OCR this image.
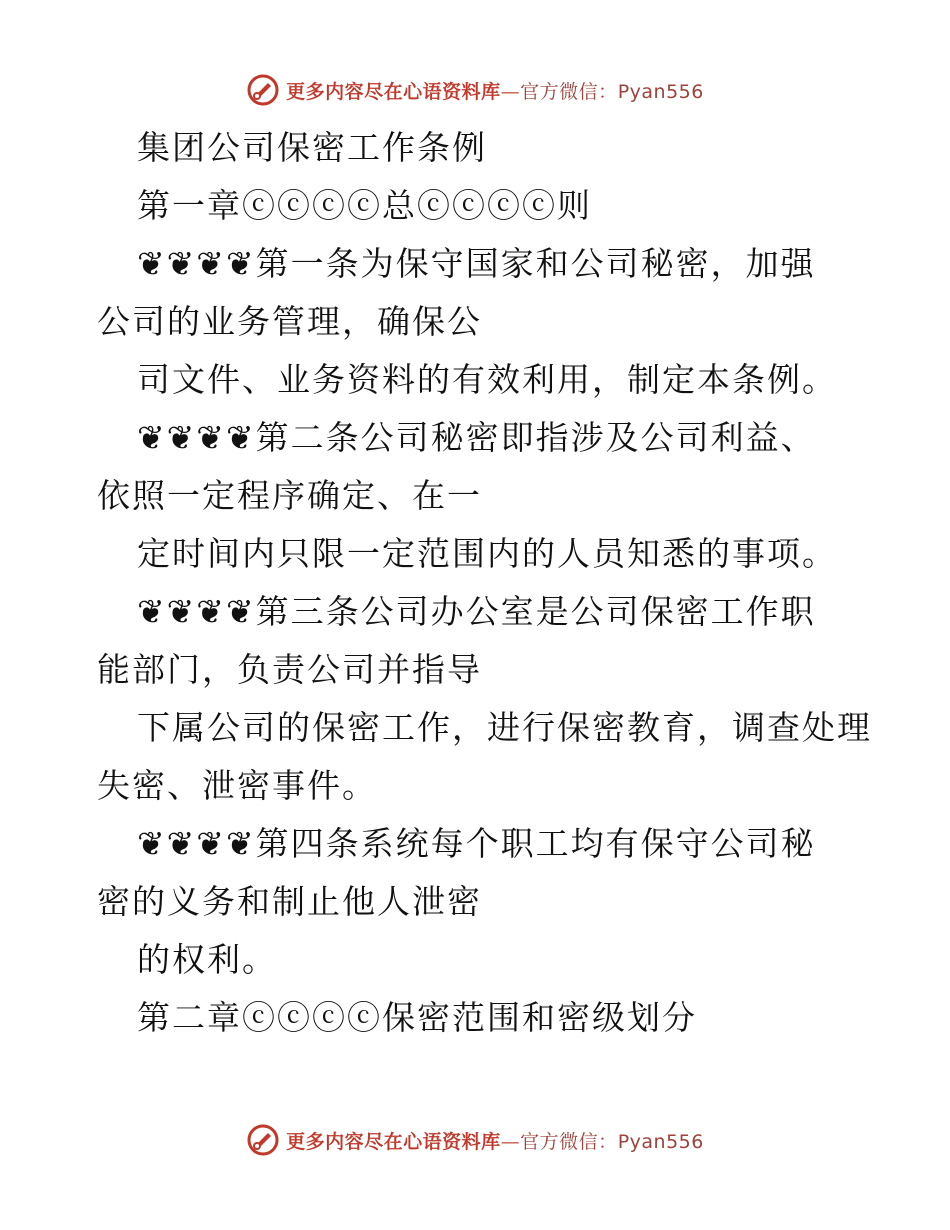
更多内容尽在心语资料库—官方微信：Pyan556
集团公司保密工作条例
第一章ⓒⓒⓒⓒ总ⓒⓒⓒⓒ则
❦❦❦❦第一条为保守国家和公司秘密，加强
公司的业务管理，确保公
司文件、业务资料的有效利用，制定本条例。
❦❦❦❦第二条公司秘密即指涉及公司利益、
依照一定程序确定、在一
定时间内只限一定范围内的人员知悉的事项。
❦❦❦❦第三条公司办公室是公司保密工作职
能部门，负责公司并指导
下属公司的保密工作，进行保密教育，调查处理
失密、泄密事件。
❦❦❦❦第四条系统每个职工均有保守公司秘
密的义务和制止他人泄密
的权利。
第二章ⓒⓒⓒⓒ保密范围和密级划分
更多内容尽在心语资料库—官方微信：Pyan556
